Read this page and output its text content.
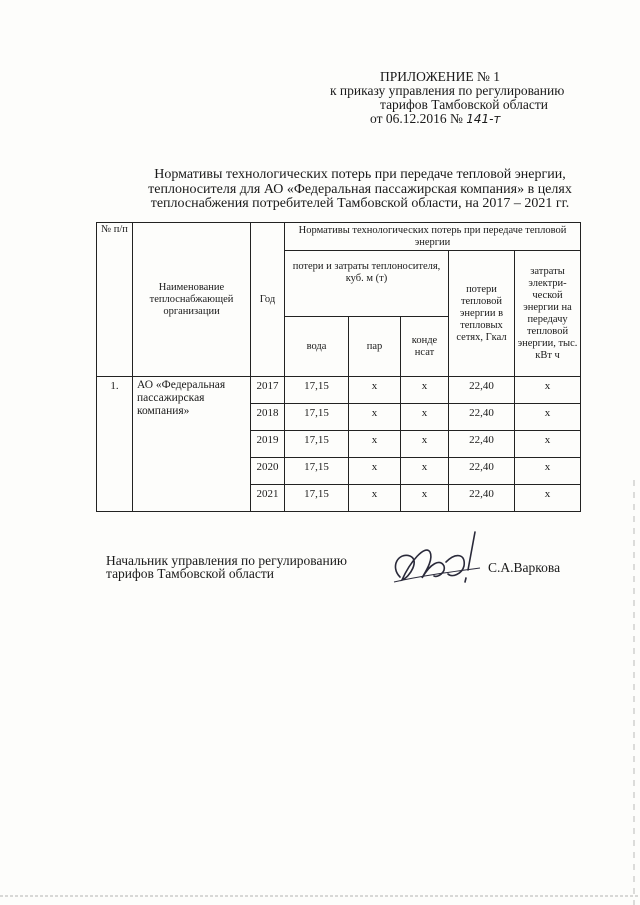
ПРИЛОЖЕНИЕ № 1
к приказу управления по регулированию
тарифов Тамбовской области
от 06.12.2016 № 141-т
Нормативы технологических потерь при передаче тепловой энергии,
теплоносителя для АО «Федеральная пассажирская компания» в целях
теплоснабжения потребителей Тамбовской области, на 2017 – 2021 гг.
№ п/п	Наименование теплоснабжающей организации	Год	Нормативы технологических потерь при передаче тепловой энергии				
			потери и затраты теплоносителя, куб. м (т)			потери тепловой энергии в тепловых сетях, Гкал	затраты электри-ческой энергии на передачу тепловой энергии, тыс. кВт ч
			вода	пар	конде нсат		
1.	АО «Федеральная пассажирская компания»	2017	17,15	х	х	22,40	х
		2018	17,15	х	х	22,40	х
		2019	17,15	х	х	22,40	х
		2020	17,15	х	х	22,40	х
		2021	17,15	х	х	22,40	х
Начальник управления по регулированию
тарифов Тамбовской области	С.А.Варкова
